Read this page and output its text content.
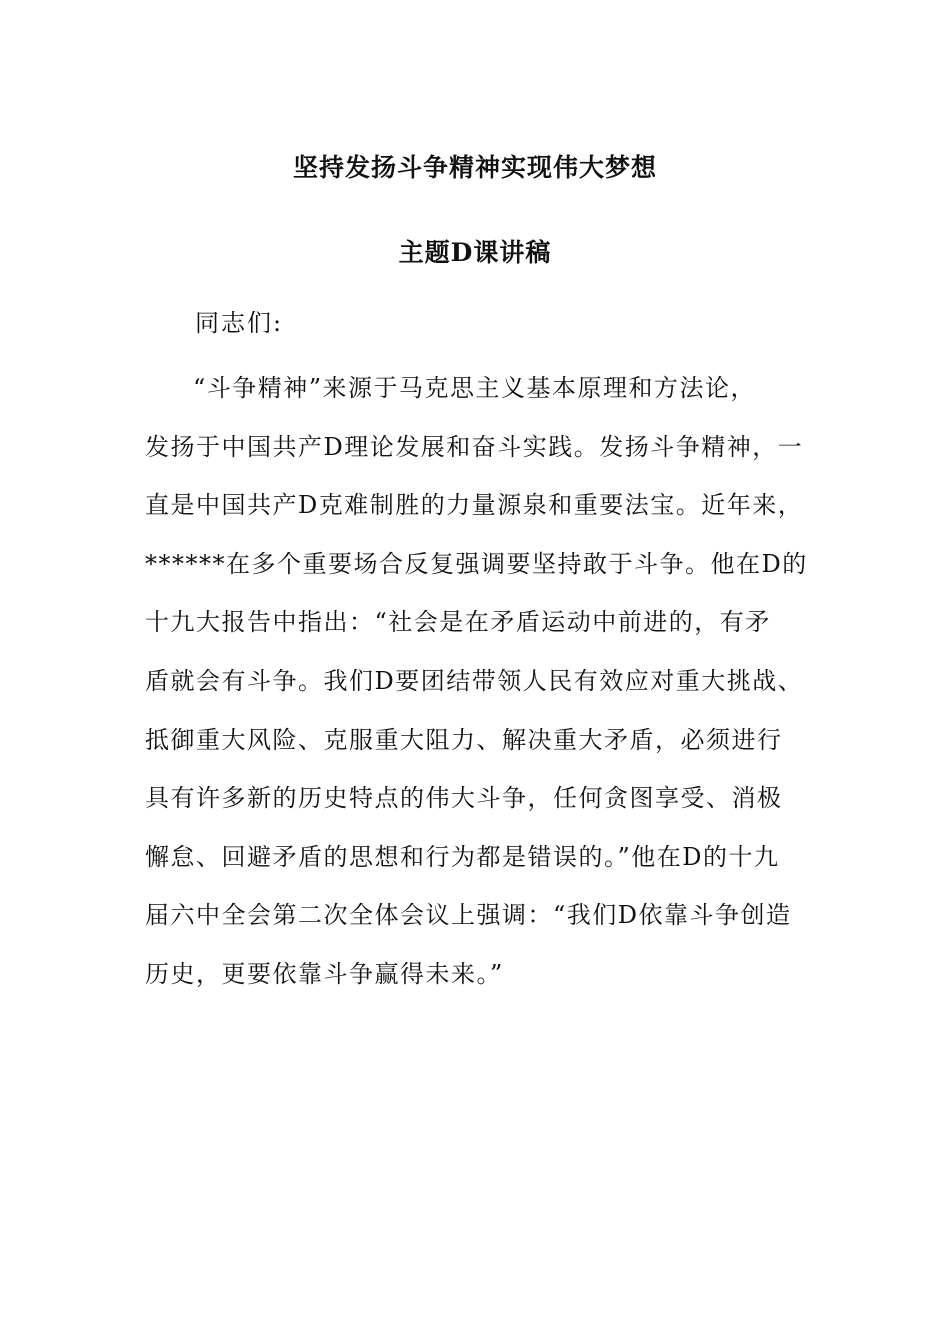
坚持发扬斗争精神实现伟大梦想
主题D课讲稿
同志们:
“斗争精神”来源于马克思主义基本原理和方法论，
发扬于中国共产D理论发展和奋斗实践。发扬斗争精神，一
直是中国共产D克难制胜的力量源泉和重要法宝。近年来，
******在多个重要场合反复强调要坚持敢于斗争。他在D的
十九大报告中指出：“社会是在矛盾运动中前进的，有矛
盾就会有斗争。我们D要团结带领人民有效应对重大挑战、
抵御重大风险、克服重大阻力、解决重大矛盾，必须进行
具有许多新的历史特点的伟大斗争，任何贪图享受、消极
懈怠、回避矛盾的思想和行为都是错误的。”他在D的十九
届六中全会第二次全体会议上强调：“我们D依靠斗争创造
历史，更要依靠斗争赢得未来。”
